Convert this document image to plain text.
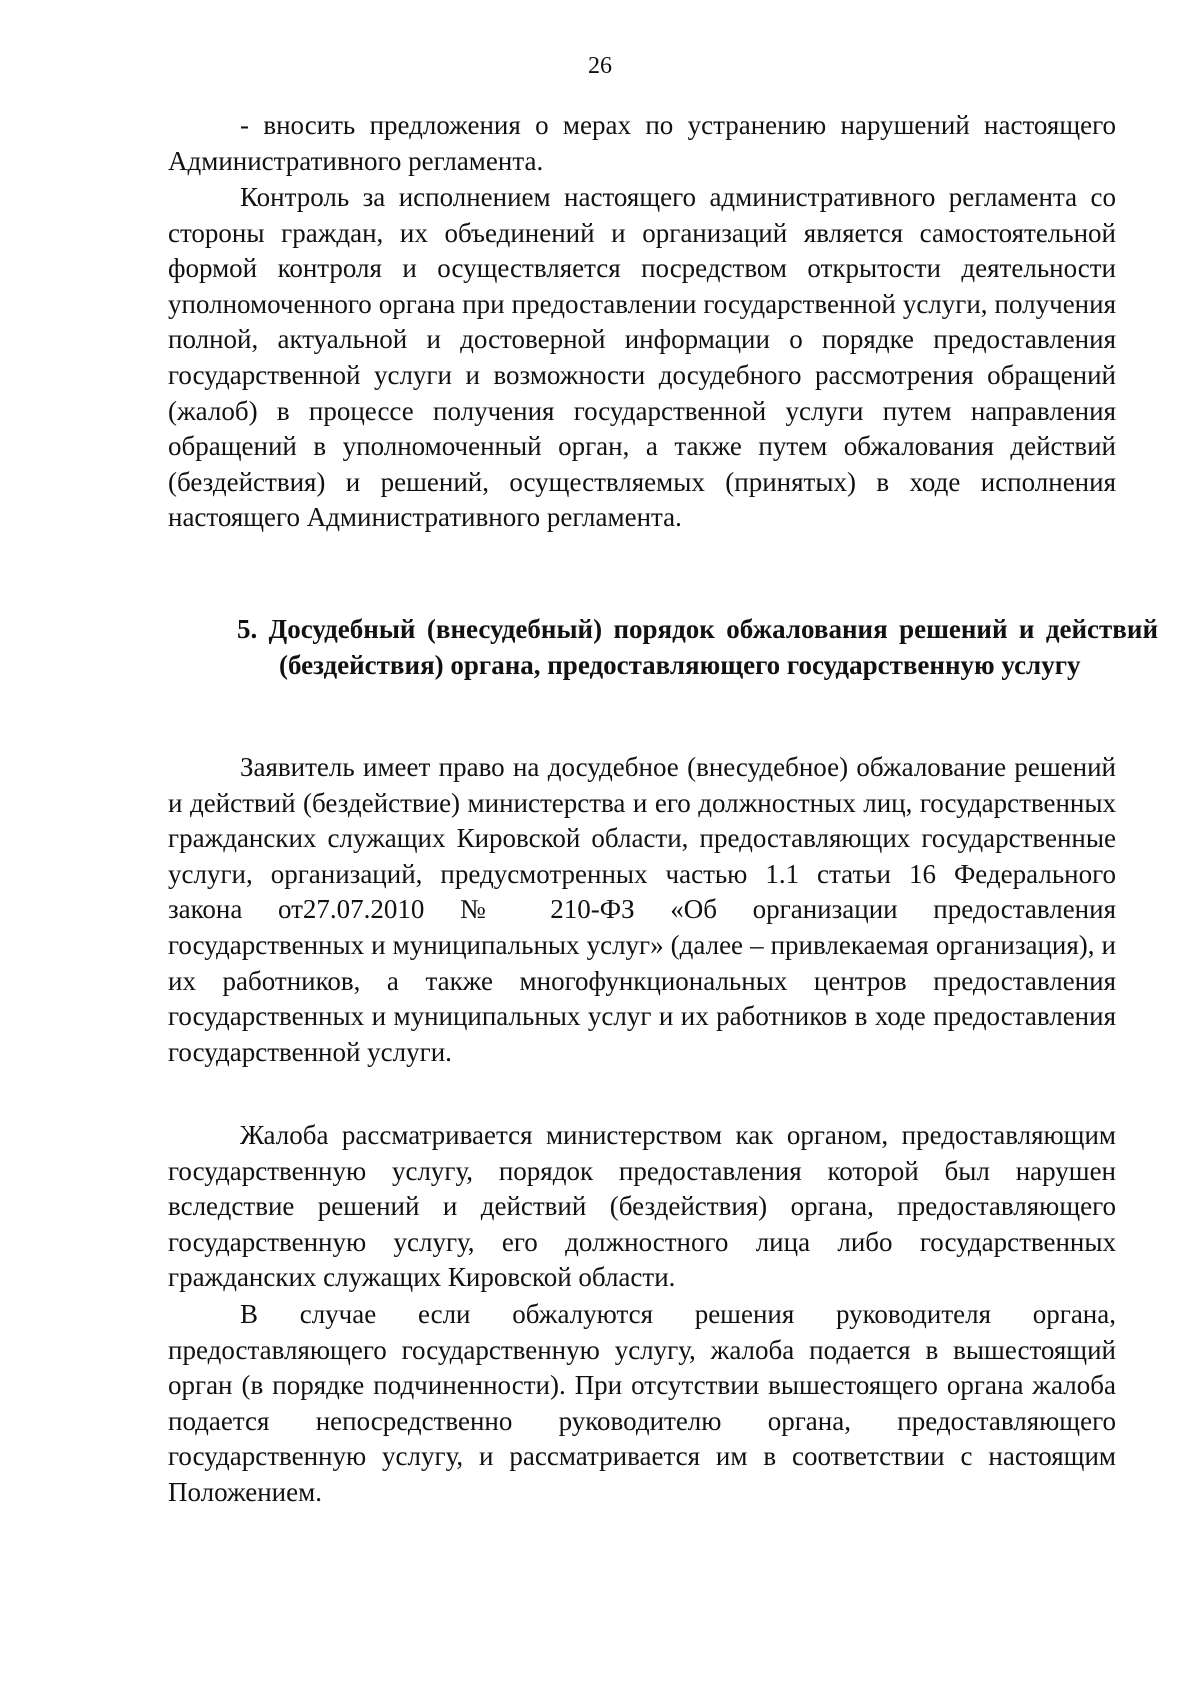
26

- вносить предложения о мерах по устранению нарушений настоящего Административного регламента.

Контроль за исполнением настоящего административного регламента со стороны граждан, их объединений и организаций является самостоятельной формой контроля и осуществляется посредством открытости деятельности уполномоченного органа при предоставлении государственной услуги, получения полной, актуальной и достоверной информации о порядке предоставления государственной услуги и возможности досудебного рассмотрения обращений (жалоб) в процессе получения государственной услуги путем направления обращений в уполномоченный орган, а также путем обжалования действий (бездействия) и решений, осуществляемых (принятых) в ходе исполнения настоящего Административного регламента.

5. Досудебный (внесудебный) порядок обжалования решений и действий (бездействия) органа, предоставляющего государственную услугу

Заявитель имеет право на досудебное (внесудебное) обжалование решений и действий (бездействие) министерства и его должностных лиц, государственных гражданских служащих Кировской области, предоставляющих государственные услуги, организаций, предусмотренных частью 1.1 статьи 16 Федерального закона от27.07.2010 № 210-ФЗ «Об организации предоставления государственных и муниципальных услуг» (далее – привлекаемая организация), и их работников, а также многофункциональных центров предоставления государственных и муниципальных услуг и их работников в ходе предоставления государственной услуги.

Жалоба рассматривается министерством как органом, предоставляющим государственную услугу, порядок предоставления которой был нарушен вследствие решений и действий (бездействия) органа, предоставляющего государственную услугу, его должностного лица либо государственных гражданских служащих Кировской области.

В случае если обжалуются решения руководителя органа, предоставляющего государственную услугу, жалоба подается в вышестоящий орган (в порядке подчиненности). При отсутствии вышестоящего органа жалоба подается непосредственно руководителю органа, предоставляющего государственную услугу, и рассматривается им в соответствии с настоящим Положением.
